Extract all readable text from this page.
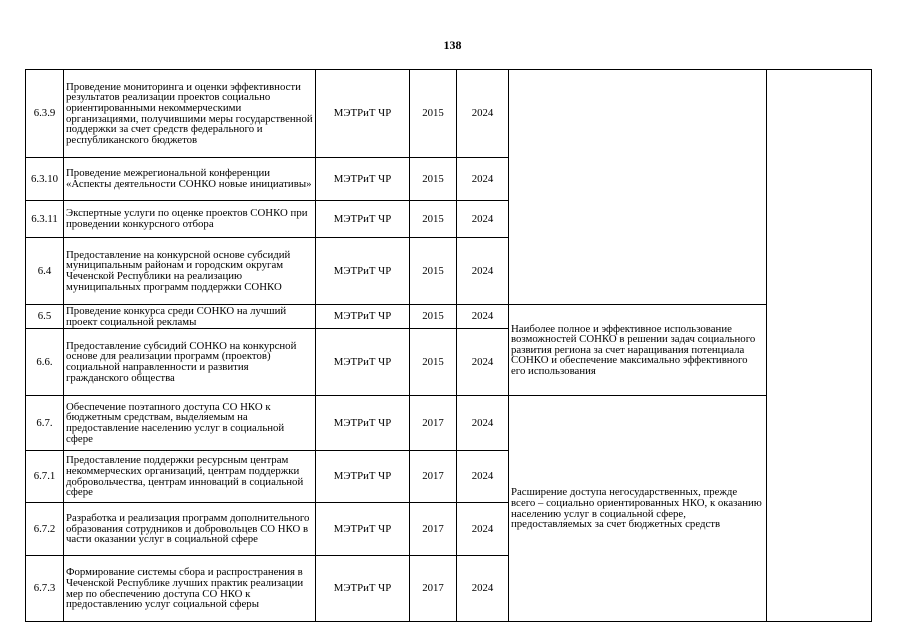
138
6.3.9	Проведение мониторинга и оценки эффективности результатов реализации проектов социально ориентированными некоммерческими организациями, получившими меры государственной поддержки за счет средств федерального и республиканского бюджетов	МЭТРиТ ЧР	2015	2024		
6.3.10	Проведение межрегиональной конференции «Аспекты деятельности СОНКО новые инициативы»	МЭТРиТ ЧР	2015	2024		
6.3.11	Экспертные услуги по оценке проектов СОНКО при проведении конкурсного отбора	МЭТРиТ ЧР	2015	2024		
6.4	Предоставление на конкурсной основе субсидий муниципальным районам и городским округам Чеченской Республики на реализацию муниципальных программ поддержки СОНКО	МЭТРиТ ЧР	2015	2024		
6.5	Проведение конкурса среди СОНКО на лучший проект социальной рекламы	МЭТРиТ ЧР	2015	2024	Наиболее полное и эффективное использование возможностей СОНКО в решении задач социального развития региона за счет наращивания потенциала СОНКО и обеспечение максимально эффективного его использования	
6.6.	Предоставление субсидий СОНКО на конкурсной основе для реализации программ (проектов) социальной направленности и развития гражданского общества	МЭТРиТ ЧР	2015	2024		
6.7.	Обеспечение поэтапного доступа СО НКО к бюджетным средствам, выделяемым на предоставление населению услуг в социальной сфере	МЭТРиТ ЧР	2017	2024	Расширение доступа негосударственных, прежде всего – социально ориентированных НКО, к оказанию населению услуг в социальной сфере, предоставляемых за счет бюджетных средств	
6.7.1	Предоставление поддержки ресурсным центрам некоммерческих организаций, центрам поддержки добровольчества, центрам инноваций в социальной сфере	МЭТРиТ ЧР	2017	2024		
6.7.2	Разработка и реализация программ дополнительного образования сотрудников и добровольцев СО НКО в части оказании услуг в социальной сфере	МЭТРиТ ЧР	2017	2024		
6.7.3	Формирование системы сбора и распространения в Чеченской Республике лучших практик реализации мер по обеспечению доступа СО НКО к предоставлению услуг социальной сферы	МЭТРиТ ЧР	2017	2024		
